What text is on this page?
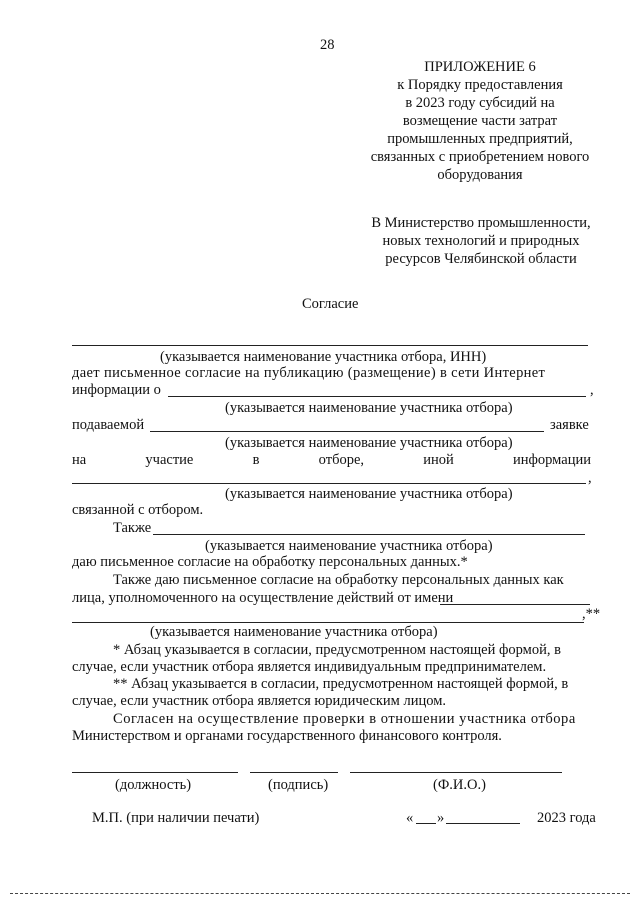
28
ПРИЛОЖЕНИЕ 6
к Порядку предоставления
в 2023 году субсидий на
возмещение части затрат
промышленных предприятий,
связанных с приобретением нового
оборудования
В Министерство промышленности,
новых технологий и природных
ресурсов Челябинской области
Согласие
(указывается наименование участника отбора, ИНН)
дает письменное согласие на публикацию (размещение) в сети Интернет
информации о	,
(указывается наименование участника отбора)
подаваемой	заявке
(указывается наименование участника отбора)
на	участие	в	отборе,	иной	информации
,
(указывается наименование участника отбора)
связанной с отбором.
Также
(указывается наименование участника отбора)
даю письменное согласие на обработку персональных данных.*
Также даю письменное согласие на обработку персональных данных как
лица, уполномоченного на осуществление действий от имени
,**
(указывается наименование участника отбора)
* Абзац указывается в согласии, предусмотренном настоящей формой, в
случае, если участник отбора является индивидуальным предпринимателем.
** Абзац указывается в согласии, предусмотренном настоящей формой, в
случае, если участник отбора является юридическим лицом.
Согласен на осуществление проверки в отношении участника отбора
Министерством и органами государственного финансового контроля.
(должность)	(подпись)	(Ф.И.О.)
М.П. (при наличии печати)	« »	2023 года
